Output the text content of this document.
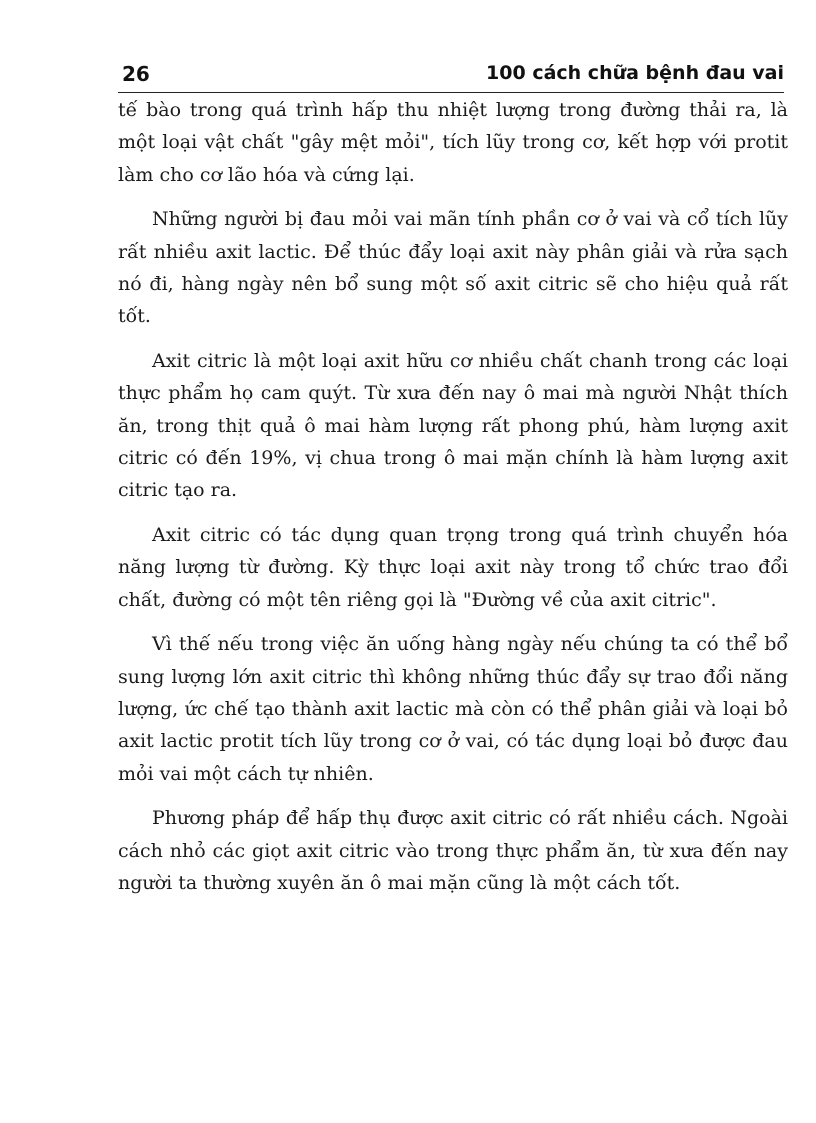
26	100 cách chữa bệnh đau vai

tế bào trong quá trình hấp thu nhiệt lượng trong đường thải ra, là một loại vật chất "gây mệt mỏi", tích lũy trong cơ, kết hợp với protit làm cho cơ lão hóa và cứng lại.

Những người bị đau mỏi vai mãn tính phần cơ ở vai và cổ tích lũy rất nhiều axit lactic. Để thúc đẩy loại axit này phân giải và rửa sạch nó đi, hàng ngày nên bổ sung một số axit citric sẽ cho hiệu quả rất tốt.

Axit citric là một loại axit hữu cơ nhiều chất chanh trong các loại thực phẩm họ cam quýt. Từ xưa đến nay ô mai mà người Nhật thích ăn, trong thịt quả ô mai hàm lượng rất phong phú, hàm lượng axit citric có đến 19%, vị chua trong ô mai mặn chính là hàm lượng axit citric tạo ra.

Axit citric có tác dụng quan trọng trong quá trình chuyển hóa năng lượng từ đường. Kỳ thực loại axit này trong tổ chức trao đổi chất, đường có một tên riêng gọi là "Đường về của axit citric".

Vì thế nếu trong việc ăn uống hàng ngày nếu chúng ta có thể bổ sung lượng lớn axit citric thì không những thúc đẩy sự trao đổi năng lượng, ức chế tạo thành axit lactic mà còn có thể phân giải và loại bỏ axit lactic protit tích lũy trong cơ ở vai, có tác dụng loại bỏ được đau mỏi vai một cách tự nhiên.

Phương pháp để hấp thụ được axit citric có rất nhiều cách. Ngoài cách nhỏ các giọt axit citric vào trong thực phẩm ăn, từ xưa đến nay người ta thường xuyên ăn ô mai mặn cũng là một cách tốt.
